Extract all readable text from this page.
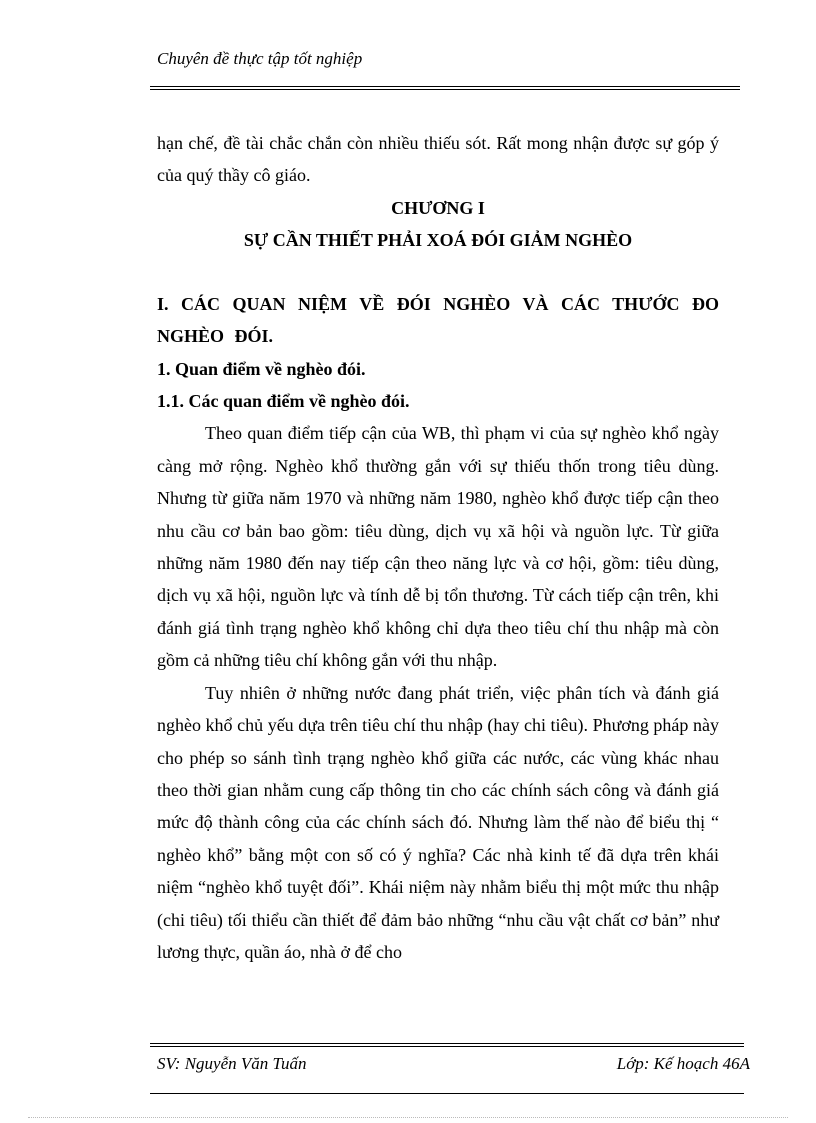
Chuyên đề thực tập tốt nghiệp

hạn chế, đề tài chắc chắn còn nhiều thiếu sót. Rất mong nhận được sự góp ý của quý thầy cô giáo.

CHƯƠNG I
SỰ CẦN THIẾT PHẢI XOÁ ĐÓI GIẢM NGHÈO
I. CÁC QUAN NIỆM VỀ ĐÓI NGHÈO VÀ CÁC THƯỚC ĐO NGHÈO ĐÓI.
1. Quan điểm về nghèo đói.
1.1. Các quan điểm về nghèo đói.

Theo quan điểm tiếp cận của WB, thì phạm vi của sự nghèo khổ ngày càng mở rộng. Nghèo khổ thường gắn với sự thiếu thốn trong tiêu dùng. Nhưng từ giữa năm 1970 và những năm 1980, nghèo khổ được tiếp cận theo nhu cầu cơ bản bao gồm: tiêu dùng, dịch vụ xã hội và nguồn lực. Từ giữa những năm 1980 đến nay tiếp cận theo năng lực và cơ hội, gồm: tiêu dùng, dịch vụ xã hội, nguồn lực và tính dễ bị tổn thương. Từ cách tiếp cận trên, khi đánh giá tình trạng nghèo khổ không chỉ dựa theo tiêu chí thu nhập mà còn gồm cả những tiêu chí không gắn với thu nhập.

Tuy nhiên ở những nước đang phát triển, việc phân tích và đánh giá nghèo khổ chủ yếu dựa trên tiêu chí thu nhập (hay chi tiêu). Phương pháp này cho phép so sánh tình trạng nghèo khổ giữa các nước, các vùng khác nhau theo thời gian nhằm cung cấp thông tin cho các chính sách công và đánh giá mức độ thành công của các chính sách đó. Nhưng làm thế nào để biểu thị “ nghèo khổ” bằng một con số có ý nghĩa? Các nhà kinh tế đã dựa trên khái niệm “nghèo khổ tuyệt đối”. Khái niệm này nhằm biểu thị một mức thu nhập (chi tiêu) tối thiểu cần thiết để đảm bảo những “nhu cầu vật chất cơ bản” như lương thực, quần áo, nhà ở để cho

SV: Nguyễn Văn Tuấn	Lớp: Kế hoạch 46A
